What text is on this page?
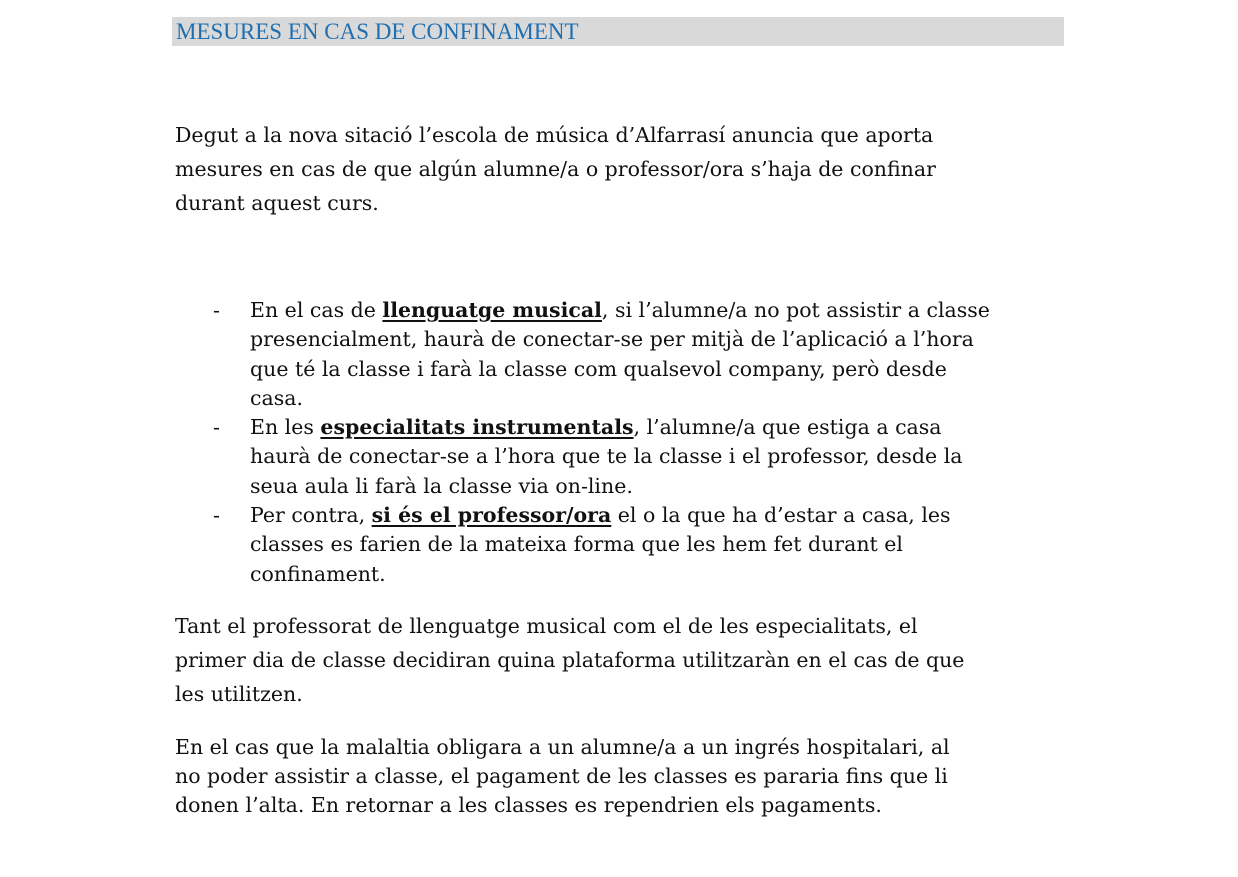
MESURES EN CAS DE CONFINAMENT

Degut a la nova sitació l’escola de música d’Alfarrasí anuncia que aporta
mesures en cas de que algún alumne/a o professor/ora s’haja de confinar
durant aquest curs.

- En el cas de llenguatge musical, si l’alumne/a no pot assistir a classe
presencialment, haurà de conectar-se per mitjà de l’aplicació a l’hora
que té la classe i farà la classe com qualsevol company, però desde
casa.
- En les especialitats instrumentals, l’alumne/a que estiga a casa
haurà de conectar-se a l’hora que te la classe i el professor, desde la
seua aula li farà la classe via on-line.
- Per contra, si és el professor/ora el o la que ha d’estar a casa, les
classes es farien de la mateixa forma que les hem fet durant el
confinament.

Tant el professorat de llenguatge musical com el de les especialitats, el
primer dia de classe decidiran quina plataforma utilitzaràn en el cas de que
les utilitzen.

En el cas que la malaltia obligara a un alumne/a a un ingrés hospitalari, al
no poder assistir a classe, el pagament de les classes es pararia fins que li
donen l’alta. En retornar a les classes es rependrien els pagaments.
